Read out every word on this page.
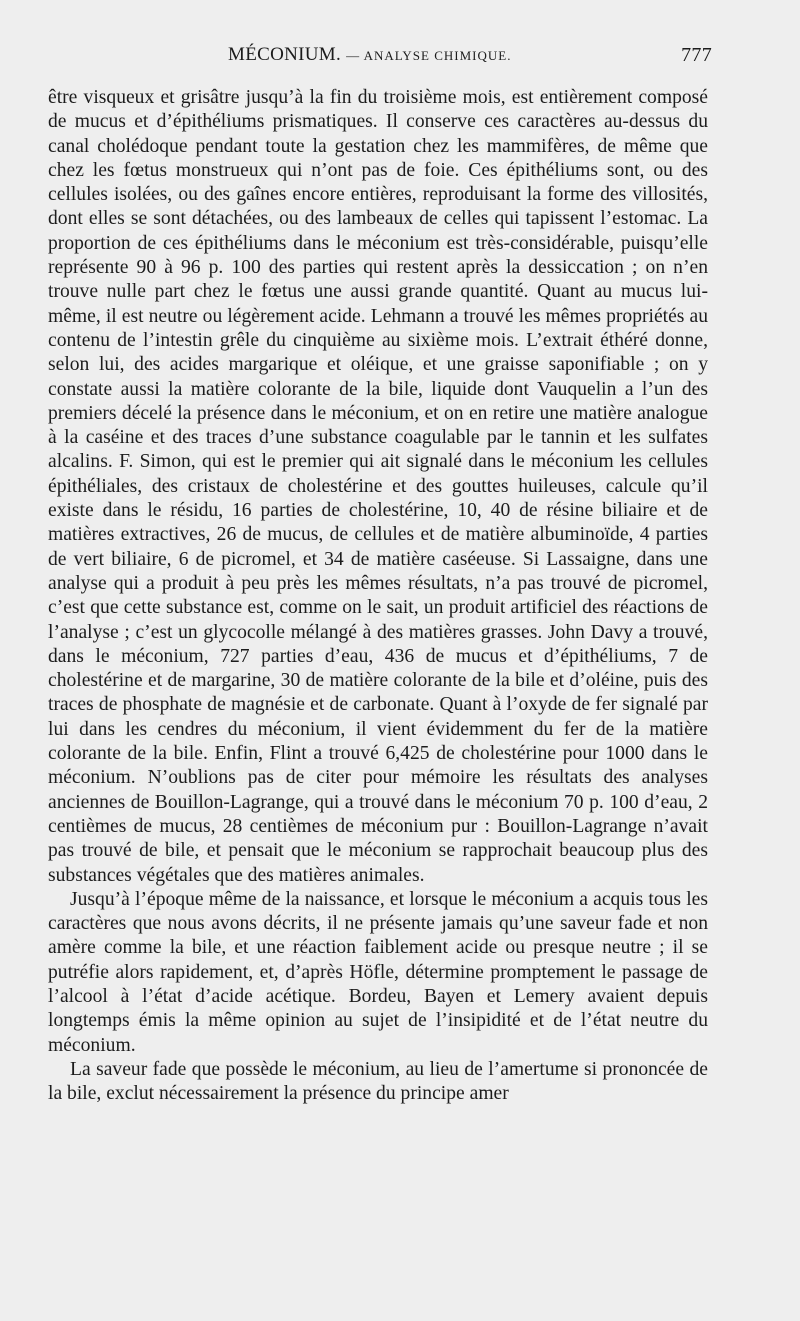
MÉCONIUM. — ANALYSE CHIMIQUE.	777

être visqueux et grisâtre jusqu’à la fin du troisième mois, est entièrement composé de mucus et d’épithéliums prismatiques. Il conserve ces caractères au-dessus du canal cholédoque pendant toute la gestation chez les mammifères, de même que chez les fœtus monstrueux qui n’ont pas de foie. Ces épithéliums sont, ou des cellules isolées, ou des gaînes encore entières, reproduisant la forme des villosités, dont elles se sont détachées, ou des lambeaux de celles qui tapissent l’estomac. La proportion de ces épithéliums dans le méconium est très-considérable, puisqu’elle représente 90 à 96 p. 100 des parties qui restent après la dessiccation ; on n’en trouve nulle part chez le fœtus une aussi grande quantité. Quant au mucus lui-même, il est neutre ou légèrement acide. Lehmann a trouvé les mêmes propriétés au contenu de l’intestin grêle du cinquième au sixième mois. L’extrait éthéré donne, selon lui, des acides margarique et oléique, et une graisse saponifiable ; on y constate aussi la matière colorante de la bile, liquide dont Vauquelin a l’un des premiers décelé la présence dans le méconium, et on en retire une matière analogue à la caséine et des traces d’une substance coagulable par le tannin et les sulfates alcalins. F. Simon, qui est le premier qui ait signalé dans le méconium les cellules épithéliales, des cristaux de cholestérine et des gouttes huileuses, calcule qu’il existe dans le résidu, 16 parties de cholestérine, 10, 40 de résine biliaire et de matières extractives, 26 de mucus, de cellules et de matière albuminoïde, 4 parties de vert biliaire, 6 de picromel, et 34 de matière caséeuse. Si Lassaigne, dans une analyse qui a produit à peu près les mêmes résultats, n’a pas trouvé de picromel, c’est que cette substance est, comme on le sait, un produit artificiel des réactions de l’analyse ; c’est un glycocolle mélangé à des matières grasses. John Davy a trouvé, dans le méconium, 727 parties d’eau, 436 de mucus et d’épithéliums, 7 de cholestérine et de margarine, 30 de matière colorante de la bile et d’oléine, puis des traces de phosphate de magnésie et de carbonate. Quant à l’oxyde de fer signalé par lui dans les cendres du méconium, il vient évidemment du fer de la matière colorante de la bile. Enfin, Flint a trouvé 6,425 de cholestérine pour 1000 dans le méconium. N’oublions pas de citer pour mémoire les résultats des analyses anciennes de Bouillon-Lagrange, qui a trouvé dans le méconium 70 p. 100 d’eau, 2 centièmes de mucus, 28 centièmes de méconium pur : Bouillon-Lagrange n’avait pas trouvé de bile, et pensait que le méconium se rapprochait beaucoup plus des substances végétales que des matières animales.

Jusqu’à l’époque même de la naissance, et lorsque le méconium a acquis tous les caractères que nous avons décrits, il ne présente jamais qu’une saveur fade et non amère comme la bile, et une réaction faiblement acide ou presque neutre ; il se putréfie alors rapidement, et, d’après Höfle, détermine promptement le passage de l’alcool à l’état d’acide acétique. Bordeu, Bayen et Lemery avaient depuis longtemps émis la même opinion au sujet de l’insipidité et de l’état neutre du méconium.

La saveur fade que possède le méconium, au lieu de l’amertume si prononcée de la bile, exclut nécessairement la présence du principe amer
